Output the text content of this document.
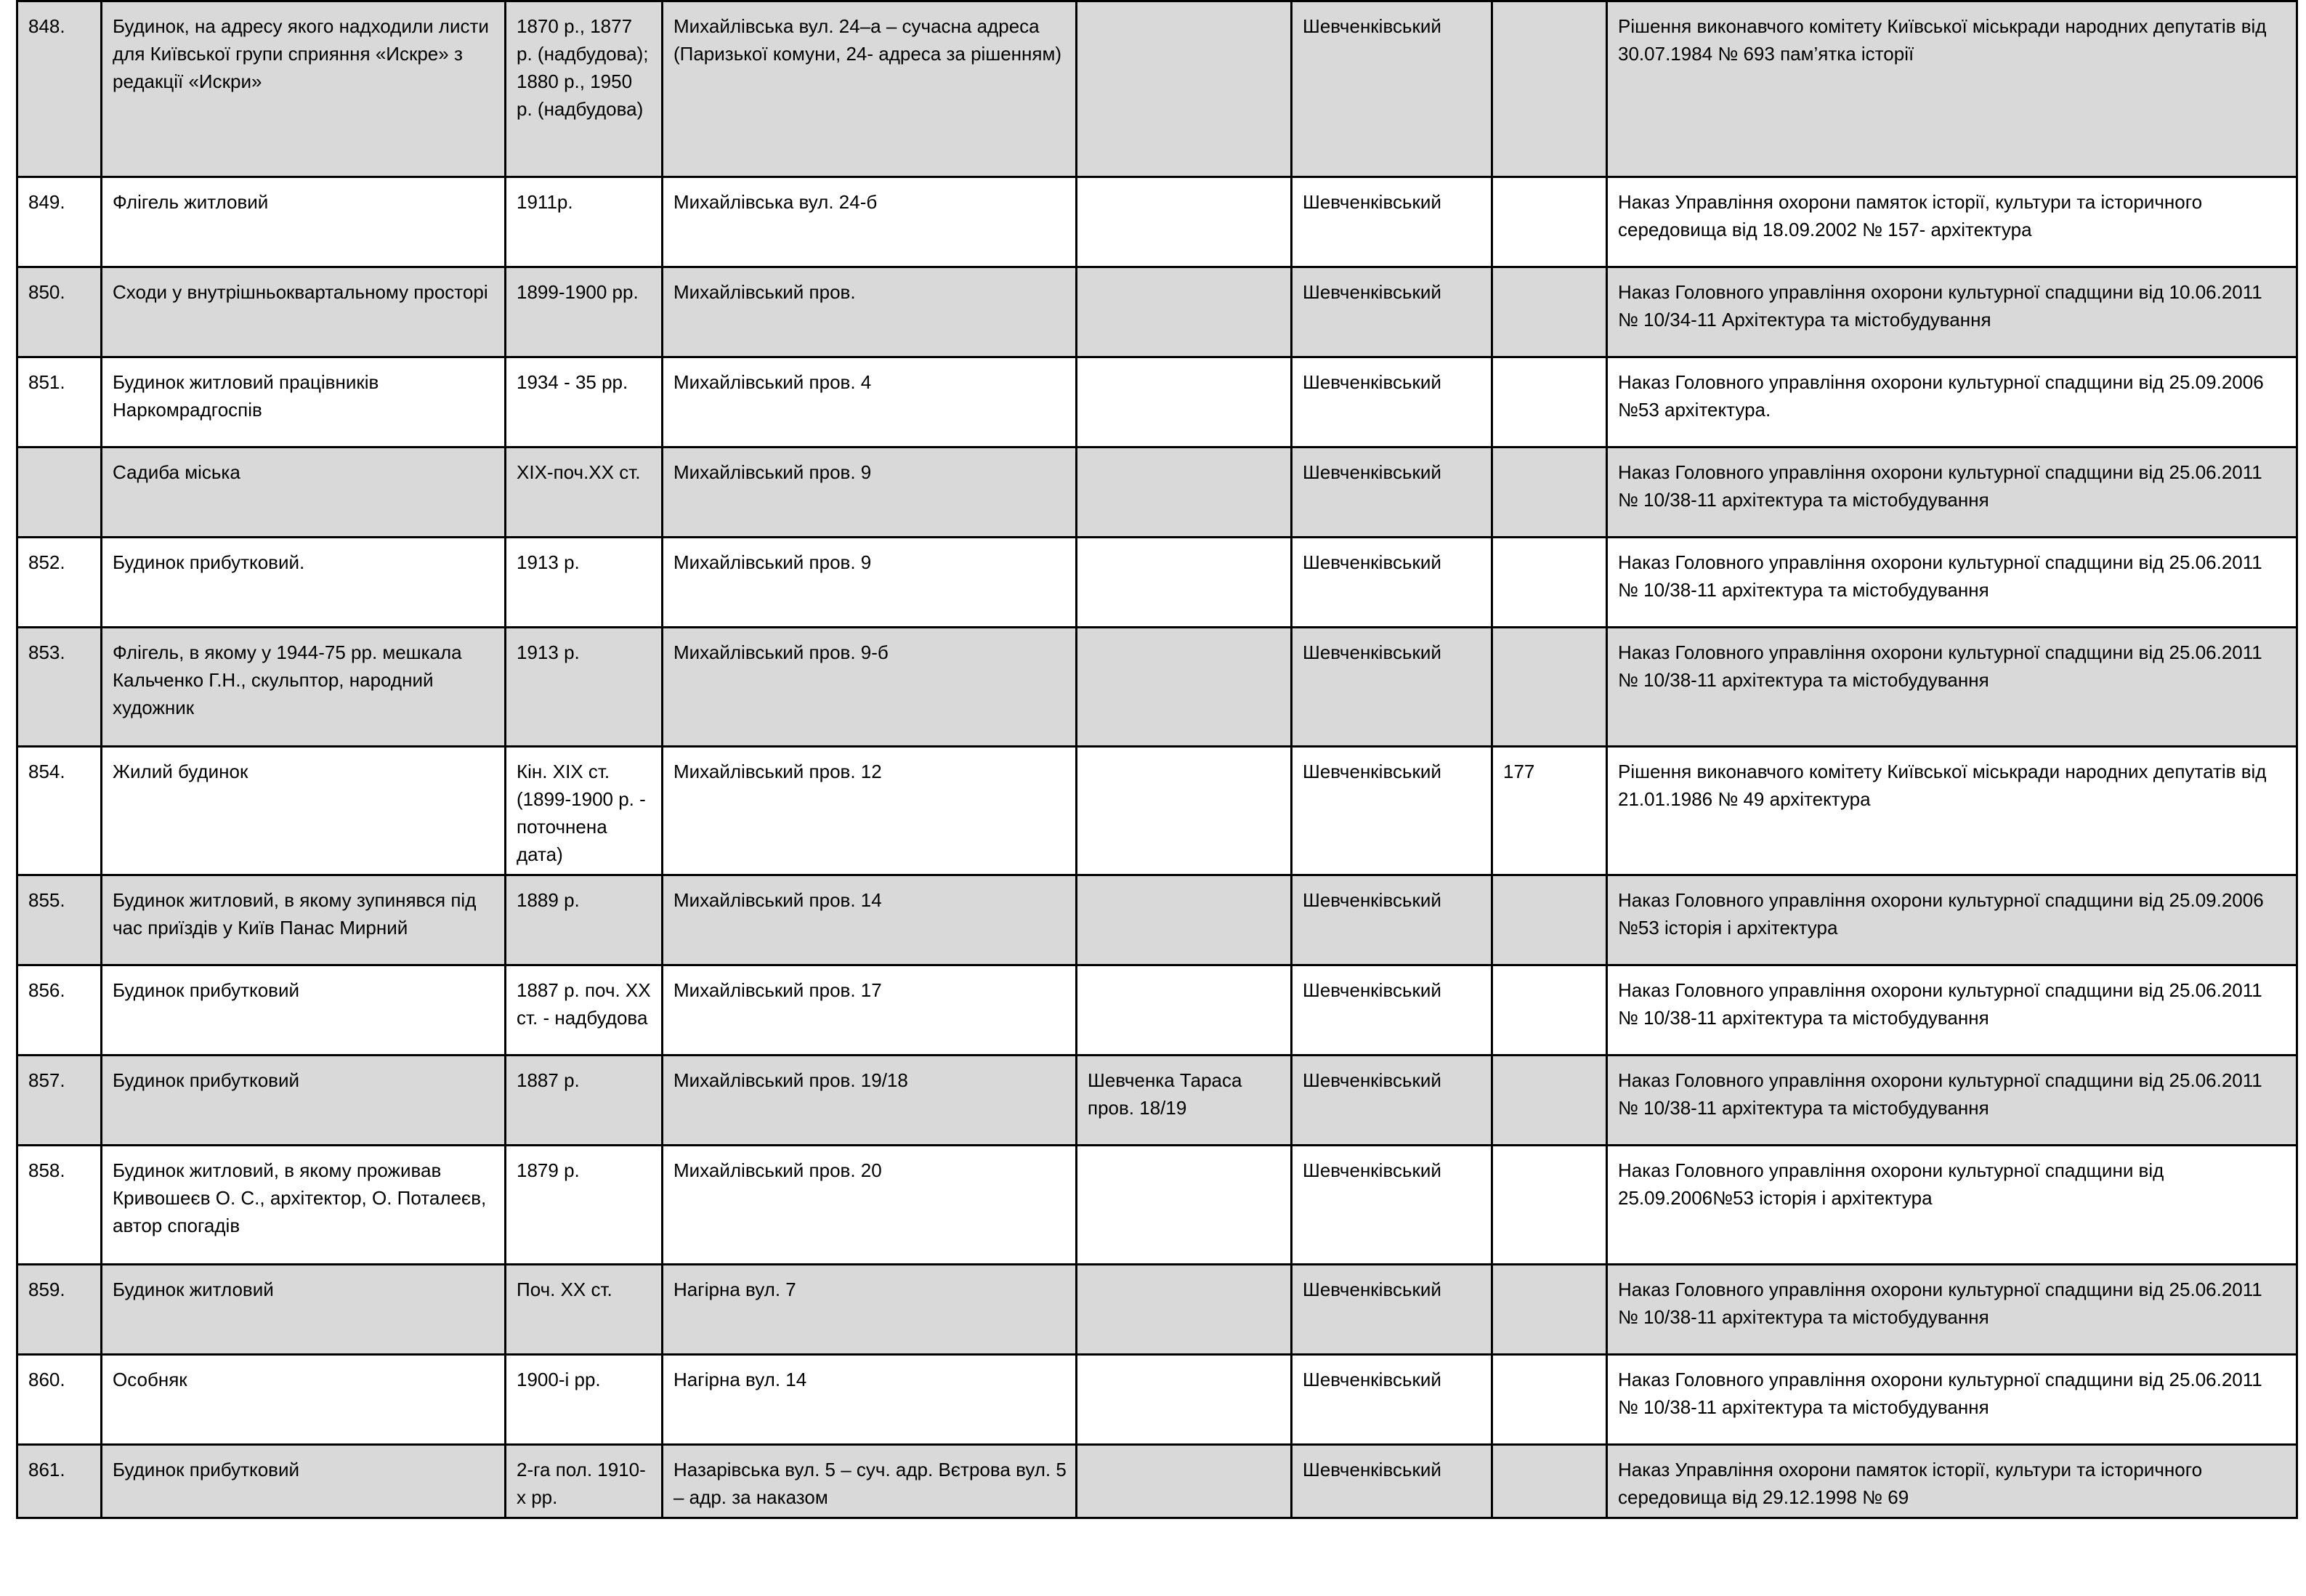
848.	Будинок, на адресу якого надходили листи для Київської групи сприяння «Искре» з редакції «Искри»	1870 р., 1877 р. (надбудова); 1880 р., 1950 р. (надбудова)	Михайлівська вул. 24–а – сучасна адреса (Паризької комуни, 24- адреса за рішенням)		Шевченківський		Рішення виконавчого комітету Київської міськради народних депутатів від 30.07.1984 № 693 пам’ятка історії
849.	Флігель житловий	1911р.	Михайлівська вул. 24-б		Шевченківський		Наказ Управління охорони памяток історії, культури та історичного середовища від 18.09.2002 № 157- архітектура
850.	Сходи у внутрішньоквартальному просторі	1899-1900 рр.	Михайлівський пров.		Шевченківський		Наказ Головного управління охорони культурної спадщини від 10.06.2011 № 10/34-11 Архітектура та містобудування
851.	Будинок житловий працівників Наркомрадгоспів	1934 - 35 рр.	Михайлівський пров. 4		Шевченківський		Наказ Головного управління охорони культурної спадщини від 25.09.2006 №53 архітектура.
	Садиба міська	XIX-поч.XX ст.	Михайлівський пров. 9		Шевченківський		Наказ Головного управління охорони культурної спадщини від 25.06.2011 № 10/38-11 архітектура та містобудування
852.	Будинок прибутковий.	1913 р.	Михайлівський пров. 9		Шевченківський		Наказ Головного управління охорони культурної спадщини від 25.06.2011 № 10/38-11 архітектура та містобудування
853.	Флігель, в якому у 1944-75 рр. мешкала Кальченко Г.Н., скульптор, народний художник	1913 р.	Михайлівський пров. 9-б		Шевченківський		Наказ Головного управління охорони культурної спадщини від 25.06.2011 № 10/38-11 архітектура та містобудування
854.	Жилий будинок	Кін. XIX ст. (1899-1900 р. - поточнена дата)	Михайлівський пров. 12		Шевченківський	177	Рішення виконавчого комітету Київської міськради народних депутатів від 21.01.1986 № 49 архітектура
855.	Будинок житловий, в якому зупинявся під час приїздів у Київ Панас Мирний	1889 р.	Михайлівський пров. 14		Шевченківський		Наказ Головного управління охорони культурної спадщини від 25.09.2006 №53 історія і архітектура
856.	Будинок прибутковий	1887 р. поч. XX ст. - надбудова	Михайлівський пров. 17		Шевченківський		Наказ Головного управління охорони культурної спадщини від 25.06.2011 № 10/38-11 архітектура та містобудування
857.	Будинок прибутковий	1887 р.	Михайлівський пров. 19/18	Шевченка Тараса пров. 18/19	Шевченківський		Наказ Головного управління охорони культурної спадщини від 25.06.2011 № 10/38-11 архітектура та містобудування
858.	Будинок житловий, в якому проживав Кривошеєв О. С., архітектор, О. Поталеєв, автор спогадів	1879 р.	Михайлівський пров. 20		Шевченківський		Наказ Головного управління охорони культурної спадщини від 25.09.2006№53 історія і архітектура
859.	Будинок житловий	Поч. XX ст.	Нагірна вул. 7		Шевченківський		Наказ Головного управління охорони культурної спадщини від 25.06.2011 № 10/38-11 архітектура та містобудування
860.	Особняк	1900-і рр.	Нагірна вул. 14		Шевченківський		Наказ Головного управління охорони культурної спадщини від 25.06.2011 № 10/38-11 архітектура та містобудування
861.	Будинок прибутковий	2-га пол. 1910-х рр.	Назарівська вул. 5 – суч. адр. Вєтрова вул. 5 – адр. за наказом		Шевченківський		Наказ Управління охорони памяток історії, культури та історичного середовища від 29.12.1998 № 69
